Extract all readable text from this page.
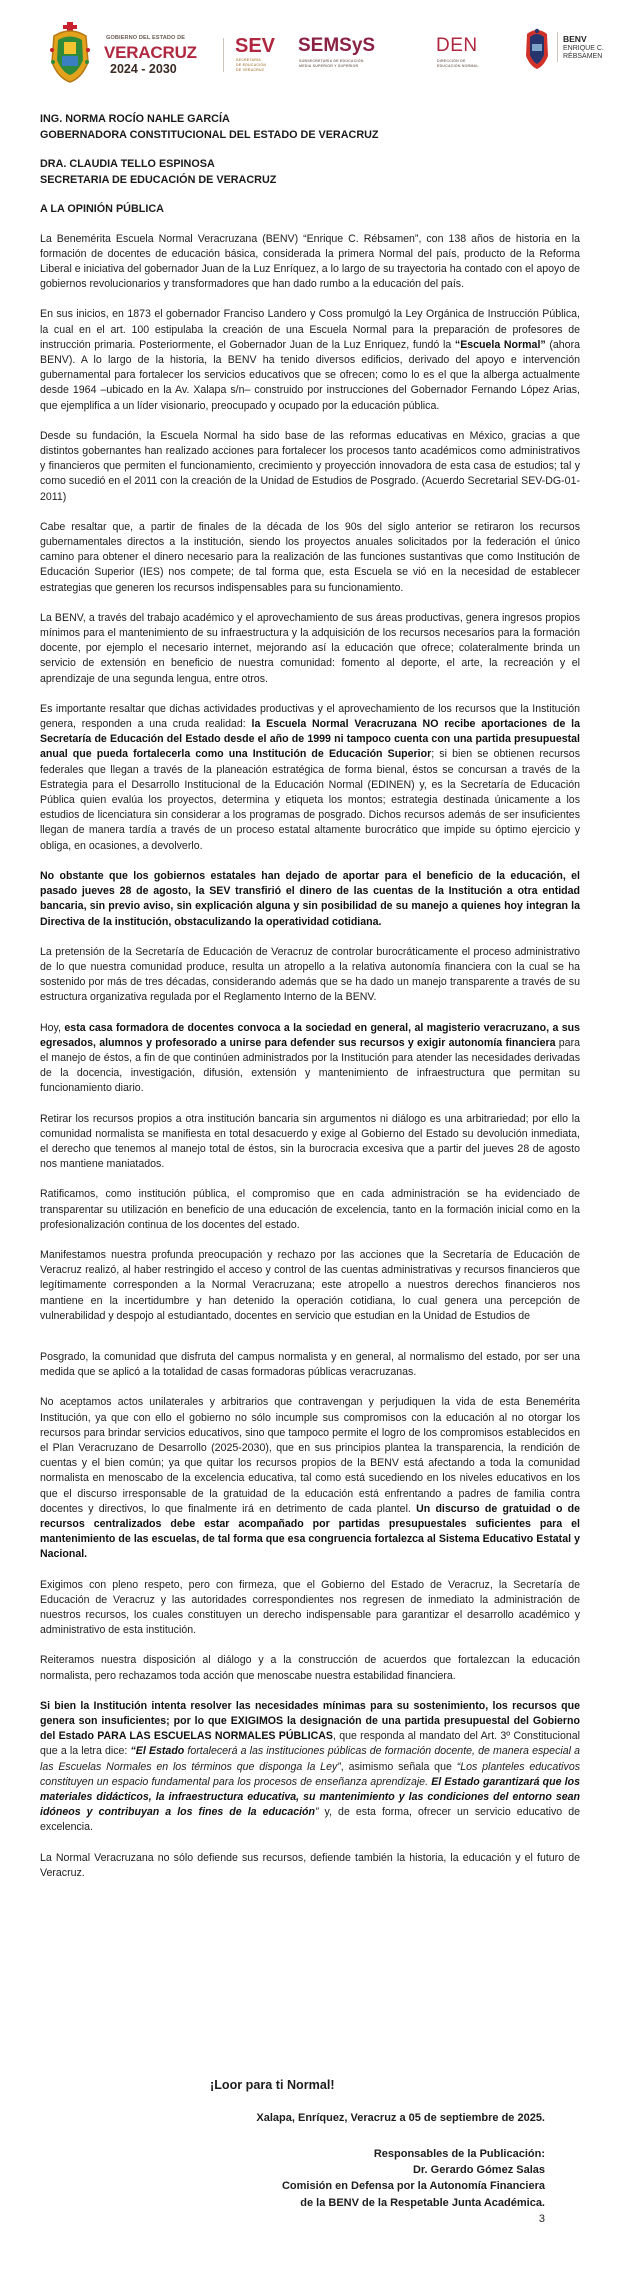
GOBIERNO DEL ESTADO DE
VERACRUZ
2024 - 2030
SEV
SECRETARÍA
DE EDUCACIÓN
DE VERACRUZ
SEMSyS
SUBSECRETARÍA DE EDUCACIÓN
MEDIA SUPERIOR Y SUPERIOR
DEN
DIRECCIÓN DE
EDUCACIÓN NORMAL
BENV
ENRIQUE C.
RÉBSAMEN
ING. NORMA ROCÍO NAHLE GARCÍA
GOBERNADORA CONSTITUCIONAL DEL ESTADO DE VERACRUZ
DRA. CLAUDIA TELLO ESPINOSA
SECRETARIA DE EDUCACIÓN DE VERACRUZ
A LA OPINIÓN PÚBLICA

La Benemérita Escuela Normal Veracruzana (BENV) “Enrique C. Rébsamen”, con 138 años de historia en la formación de docentes de educación básica, considerada la primera Normal del país, producto de la Reforma Liberal e iniciativa del gobernador Juan de la Luz Enríquez, a lo largo de su trayectoria ha contado con el apoyo de gobiernos revolucionarios y transformadores que han dado rumbo a la educación del país.

En sus inicios, en 1873 el gobernador Franciso Landero y Coss promulgó la Ley Orgánica de Instrucción Pública, la cual en el art. 100 estipulaba la creación de una Escuela Normal para la preparación de profesores de instrucción primaria. Posteriormente, el Gobernador Juan de la Luz Enriquez, fundó la “Escuela Normal” (ahora BENV). A lo largo de la historia, la BENV ha tenido diversos edificios, derivado del apoyo e intervención gubernamental para fortalecer los servicios educativos que se ofrecen; como lo es el que la alberga actualmente desde 1964 –ubicado en la Av. Xalapa s/n– construido por instrucciones del Gobernador Fernando López Arias, que ejemplifica a un líder visionario, preocupado y ocupado por la educación pública.

Desde su fundación, la Escuela Normal ha sido base de las reformas educativas en México, gracias a que distintos gobernantes han realizado acciones para fortalecer los procesos tanto académicos como administrativos y financieros que permiten el funcionamiento, crecimiento y proyección innovadora de esta casa de estudios; tal y como sucedió en el 2011 con la creación de la Unidad de Estudios de Posgrado. (Acuerdo Secretarial SEV-DG-01-2011)

Cabe resaltar que, a partir de finales de la década de los 90s del siglo anterior se retiraron los recursos gubernamentales directos a la institución, siendo los proyectos anuales solicitados por la federación el único camino para obtener el dinero necesario para la realización de las funciones sustantivas que como Institución de Educación Superior (IES) nos compete; de tal forma que, esta Escuela se vió en la necesidad de establecer estrategias que generen los recursos indispensables para su funcionamiento.

La BENV, a través del trabajo académico y el aprovechamiento de sus áreas productivas, genera ingresos propios mínimos para el mantenimiento de su infraestructura y la adquisición de los recursos necesarios para la formación docente, por ejemplo el necesario internet, mejorando así la educación que ofrece; colateralmente brinda un servicio de extensión en beneficio de nuestra comunidad: fomento al deporte, el arte, la recreación y el aprendizaje de una segunda lengua, entre otros.

Es importante resaltar que dichas actividades productivas y el aprovechamiento de los recursos que la Institución genera, responden a una cruda realidad: la Escuela Normal Veracruzana NO recibe aportaciones de la Secretaría de Educación del Estado desde el año de 1999 ni tampoco cuenta con una partida presupuestal anual que pueda fortalecerla como una Institución de Educación Superior; si bien se obtienen recursos federales que llegan a través de la planeación estratégica de forma bienal, éstos se concursan a través de la Estrategia para el Desarrollo Institucional de la Educación Normal (EDINEN) y, es la Secretaría de Educación Pública quien evalúa los proyectos, determina y etiqueta los montos; estrategia destinada únicamente a los estudios de licenciatura sin considerar a los programas de posgrado. Dichos recursos además de ser insuficientes llegan de manera tardía a través de un proceso estatal altamente burocrático que impide su óptimo ejercicio y obliga, en ocasiones, a devolverlo.

No obstante que los gobiernos estatales han dejado de aportar para el beneficio de la educación, el pasado jueves 28 de agosto, la SEV transfirió el dinero de las cuentas de la Institución a otra entidad bancaria, sin previo aviso, sin explicación alguna y sin posibilidad de su manejo a quienes hoy integran la Directiva de la institución, obstaculizando la operatividad cotidiana.

La pretensión de la Secretaría de Educación de Veracruz de controlar burocráticamente el proceso administrativo de lo que nuestra comunidad produce, resulta un atropello a la relativa autonomía financiera con la cual se ha sostenido por más de tres décadas, considerando además que se ha dado un manejo transparente a través de su estructura organizativa regulada por el Reglamento Interno de la BENV.

Hoy, esta casa formadora de docentes convoca a la sociedad en general, al magisterio veracruzano, a sus egresados, alumnos y profesorado a unirse para defender sus recursos y exigir autonomía financiera para el manejo de éstos, a fin de que continúen administrados por la Institución para atender las necesidades derivadas de la docencia, investigación, difusión, extensión y mantenimiento de infraestructura que permitan su funcionamiento diario.

Retirar los recursos propios a otra institución bancaria sin argumentos ni diálogo es una arbitrariedad; por ello la comunidad normalista se manifiesta en total desacuerdo y exige al Gobierno del Estado su devolución inmediata, el derecho que tenemos al manejo total de éstos, sin la burocracia excesiva que a partir del jueves 28 de agosto nos mantiene maniatados.

Ratificamos, como institución pública, el compromiso que en cada administración se ha evidenciado de transparentar su utilización en beneficio de una educación de excelencia, tanto en la formación inicial como en la profesionalización continua de los docentes del estado.

Manifestamos nuestra profunda preocupación y rechazo por las acciones que la Secretaría de Educación de Veracruz realizó, al haber restringido el acceso y control de las cuentas administrativas y recursos financieros que legítimamente corresponden a la Normal Veracruzana; este atropello a nuestros derechos financieros nos mantiene en la incertidumbre y han detenido la operación cotidiana, lo cual genera una percepción de vulnerabilidad y despojo al estudiantado, docentes en servicio que estudian en la Unidad de Estudios de

Posgrado, la comunidad que disfruta del campus normalista y en general, al normalismo del estado, por ser una medida que se aplicó a la totalidad de casas formadoras públicas veracruzanas.

No aceptamos actos unilaterales y arbitrarios que contravengan y perjudiquen la vida de esta Benemérita Institución, ya que con ello el gobierno no sólo incumple sus compromisos con la educación al no otorgar los recursos para brindar servicios educativos, sino que tampoco permite el logro de los compromisos establecidos en el Plan Veracruzano de Desarrollo (2025-2030), que en sus principios plantea la transparencia, la rendición de cuentas y el bien común; ya que quitar los recursos propios de la BENV está afectando a toda la comunidad normalista en menoscabo de la excelencia educativa, tal como está sucediendo en los niveles educativos en los que el discurso irresponsable de la gratuidad de la educación está enfrentando a padres de familia contra docentes y directivos, lo que finalmente irá en detrimento de cada plantel. Un discurso de gratuidad o de recursos centralizados debe estar acompañado por partidas presupuestales suficientes para el mantenimiento de las escuelas, de tal forma que esa congruencia fortalezca al Sistema Educativo Estatal y Nacional.

Exigimos con pleno respeto, pero con firmeza, que el Gobierno del Estado de Veracruz, la Secretaría de Educación de Veracruz y las autoridades correspondientes nos regresen de inmediato la administración de nuestros recursos, los cuales constituyen un derecho indispensable para garantizar el desarrollo académico y administrativo de esta institución.

Reiteramos nuestra disposición al diálogo y a la construcción de acuerdos que fortalezcan la educación normalista, pero rechazamos toda acción que menoscabe nuestra estabilidad financiera.

Si bien la Institución intenta resolver las necesidades mínimas para su sostenimiento, los recursos que genera son insuficientes; por lo que EXIGIMOS la designación de una partida presupuestal del Gobierno del Estado PARA LAS ESCUELAS NORMALES PÚBLICAS, que responda al mandato del Art. 3º Constitucional que a la letra dice: “El Estado fortalecerá a las instituciones públicas de formación docente, de manera especial a las Escuelas Normales en los términos que disponga la Ley”, asimismo señala que “Los planteles educativos constituyen un espacio fundamental para los procesos de enseñanza aprendizaje. El Estado garantizará que los materiales didácticos, la infraestructura educativa, su mantenimiento y las condiciones del entorno sean idóneos y contribuyan a los fines de la educación” y, de esta forma, ofrecer un servicio educativo de excelencia.

La Normal Veracruzana no sólo defiende sus recursos, defiende también la historia, la educación y el futuro de Veracruz.

¡Loor para ti Normal!
Xalapa, Enríquez, Veracruz a 05 de septiembre de 2025.
Responsables de la Publicación:
Dr. Gerardo Gómez Salas
Comisión en Defensa por la Autonomía Financiera
de la BENV de la Respetable Junta Académica.
3
